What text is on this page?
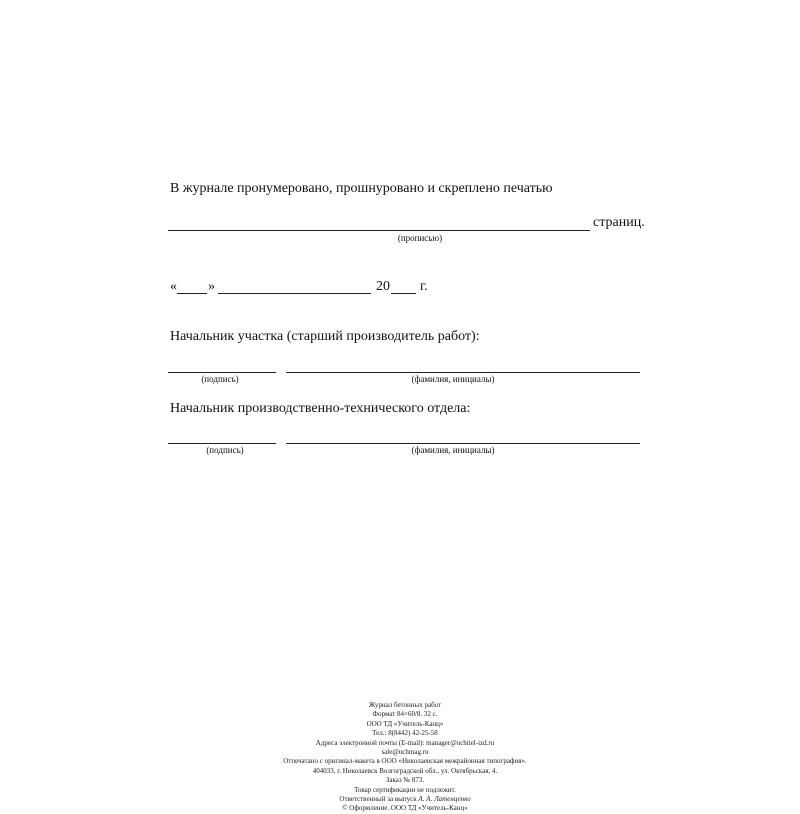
В журнале пронумеровано, прошнуровано и скреплено печатью
страниц.
(прописью)
« »	20 г.
Начальник участка (старший производитель работ):
(подпись)	(фамилия, инициалы)
Начальник производственно-технического отдела:
(подпись)	(фамилия, инициалы)
Журнал бетонных работ
Формат 84×60/8. 32 с.
ООО ТД «Учитель-Канц»
Тел.: 8(8442) 42-25-58
Адреса электронной почты (E-mail): manager@uchitel-izd.ru
sale@uchmag.ru
Отпечатано с оригинал-макета в ООО «Николаевская межрайонная типография».
404033, г. Николаевск Волгоградской обл., ул. Октябрьская, 4.
Заказ № 873.
Товар сертификации не подлежит.
Ответственный за выпуск А. А. Латенценко
© Оформление. ООО ТД «Учитель-Канц»
